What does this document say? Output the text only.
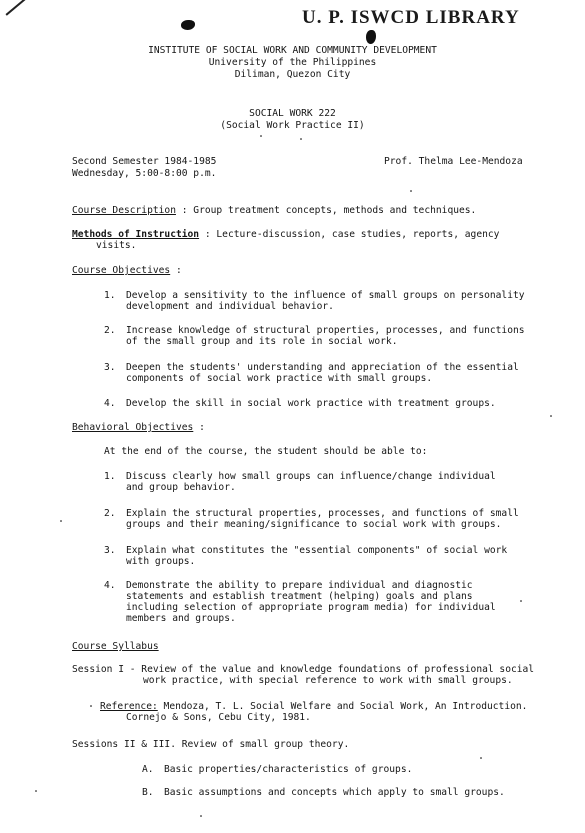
U. P. ISWCD LIBRARY
INSTITUTE OF SOCIAL WORK AND COMMUNITY DEVELOPMENT
University of the Philippines
Diliman, Quezon City
SOCIAL WORK 222
(Social Work Practice II)
Second Semester 1984-1985
Wednesday, 5:00-8:00 p.m.
Prof. Thelma Lee-Mendoza
Course Description : Group treatment concepts, methods and techniques.
Methods of Instruction : Lecture-discussion, case studies, reports, agency
visits.
Course Objectives :
1. Develop a sensitivity to the influence of small groups on personality
development and individual behavior.
2. Increase knowledge of structural properties, processes, and functions
of the small group and its role in social work.
3. Deepen the students' understanding and appreciation of the essential
components of social work practice with small groups.
4. Develop the skill in social work practice with treatment groups.
Behavioral Objectives :
At the end of the course, the student should be able to:
1. Discuss clearly how small groups can influence/change individual
and group behavior.
2. Explain the structural properties, processes, and functions of small
groups and their meaning/significance to social work with groups.
3. Explain what constitutes the "essential components" of social work
with groups.
4. Demonstrate the ability to prepare individual and diagnostic
statements and establish treatment (helping) goals and plans
including selection of appropriate program media) for individual
members and groups.
Course Syllabus
Session I - Review of the value and knowledge foundations of professional social
work practice, with special reference to work with small groups.
Reference: Mendoza, T. L. Social Welfare and Social Work, An Introduction.
Cornejo & Sons, Cebu City, 1981.
Sessions II & III. Review of small group theory.
A. Basic properties/characteristics of groups.
B. Basic assumptions and concepts which apply to small groups.
